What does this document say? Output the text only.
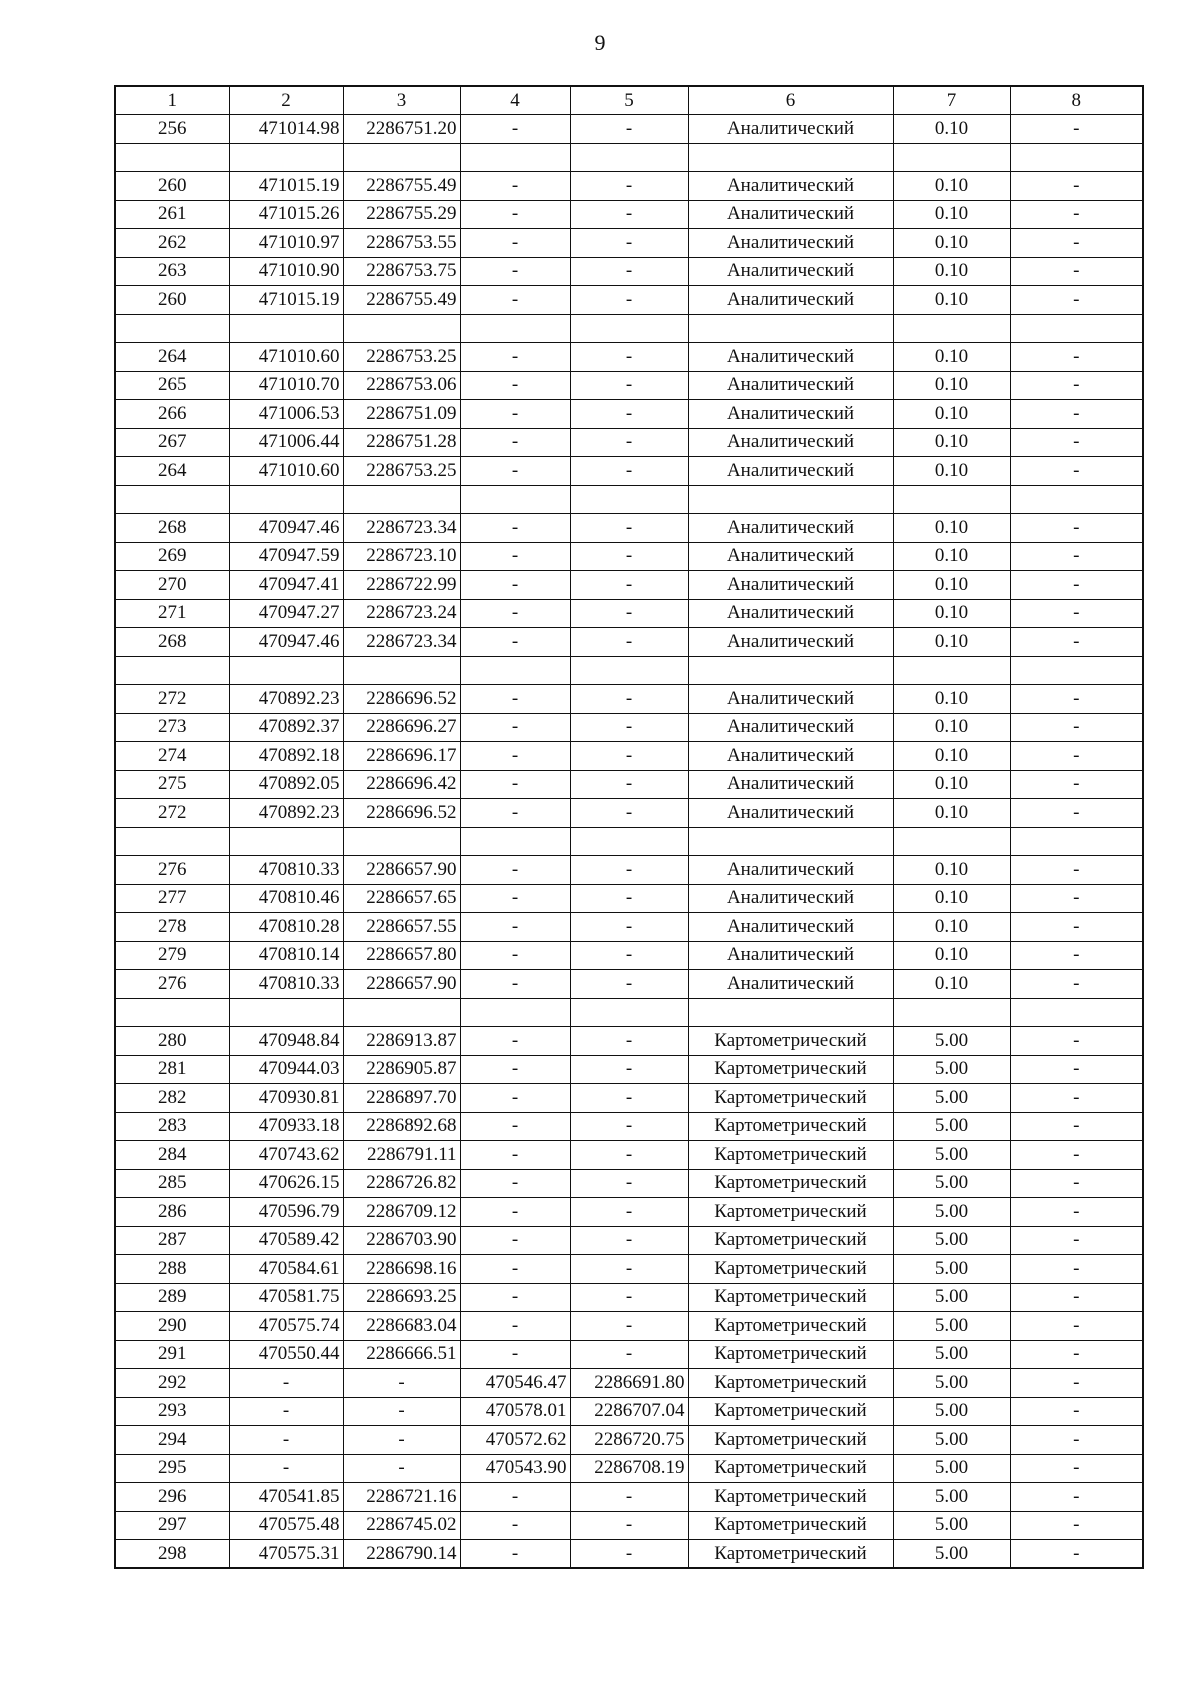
9
1	2	3	4	5	6	7	8
256	471014.98	2286751.20	-	-	Аналитический	0.10	-

260	471015.19	2286755.49	-	-	Аналитический	0.10	-
261	471015.26	2286755.29	-	-	Аналитический	0.10	-
262	471010.97	2286753.55	-	-	Аналитический	0.10	-
263	471010.90	2286753.75	-	-	Аналитический	0.10	-
260	471015.19	2286755.49	-	-	Аналитический	0.10	-

264	471010.60	2286753.25	-	-	Аналитический	0.10	-
265	471010.70	2286753.06	-	-	Аналитический	0.10	-
266	471006.53	2286751.09	-	-	Аналитический	0.10	-
267	471006.44	2286751.28	-	-	Аналитический	0.10	-
264	471010.60	2286753.25	-	-	Аналитический	0.10	-

268	470947.46	2286723.34	-	-	Аналитический	0.10	-
269	470947.59	2286723.10	-	-	Аналитический	0.10	-
270	470947.41	2286722.99	-	-	Аналитический	0.10	-
271	470947.27	2286723.24	-	-	Аналитический	0.10	-
268	470947.46	2286723.34	-	-	Аналитический	0.10	-

272	470892.23	2286696.52	-	-	Аналитический	0.10	-
273	470892.37	2286696.27	-	-	Аналитический	0.10	-
274	470892.18	2286696.17	-	-	Аналитический	0.10	-
275	470892.05	2286696.42	-	-	Аналитический	0.10	-
272	470892.23	2286696.52	-	-	Аналитический	0.10	-

276	470810.33	2286657.90	-	-	Аналитический	0.10	-
277	470810.46	2286657.65	-	-	Аналитический	0.10	-
278	470810.28	2286657.55	-	-	Аналитический	0.10	-
279	470810.14	2286657.80	-	-	Аналитический	0.10	-
276	470810.33	2286657.90	-	-	Аналитический	0.10	-

280	470948.84	2286913.87	-	-	Картометрический	5.00	-
281	470944.03	2286905.87	-	-	Картометрический	5.00	-
282	470930.81	2286897.70	-	-	Картометрический	5.00	-
283	470933.18	2286892.68	-	-	Картометрический	5.00	-
284	470743.62	2286791.11	-	-	Картометрический	5.00	-
285	470626.15	2286726.82	-	-	Картометрический	5.00	-
286	470596.79	2286709.12	-	-	Картометрический	5.00	-
287	470589.42	2286703.90	-	-	Картометрический	5.00	-
288	470584.61	2286698.16	-	-	Картометрический	5.00	-
289	470581.75	2286693.25	-	-	Картометрический	5.00	-
290	470575.74	2286683.04	-	-	Картометрический	5.00	-
291	470550.44	2286666.51	-	-	Картометрический	5.00	-
292	-	-	470546.47	2286691.80	Картометрический	5.00	-
293	-	-	470578.01	2286707.04	Картометрический	5.00	-
294	-	-	470572.62	2286720.75	Картометрический	5.00	-
295	-	-	470543.90	2286708.19	Картометрический	5.00	-
296	470541.85	2286721.16	-	-	Картометрический	5.00	-
297	470575.48	2286745.02	-	-	Картометрический	5.00	-
298	470575.31	2286790.14	-	-	Картометрический	5.00	-
